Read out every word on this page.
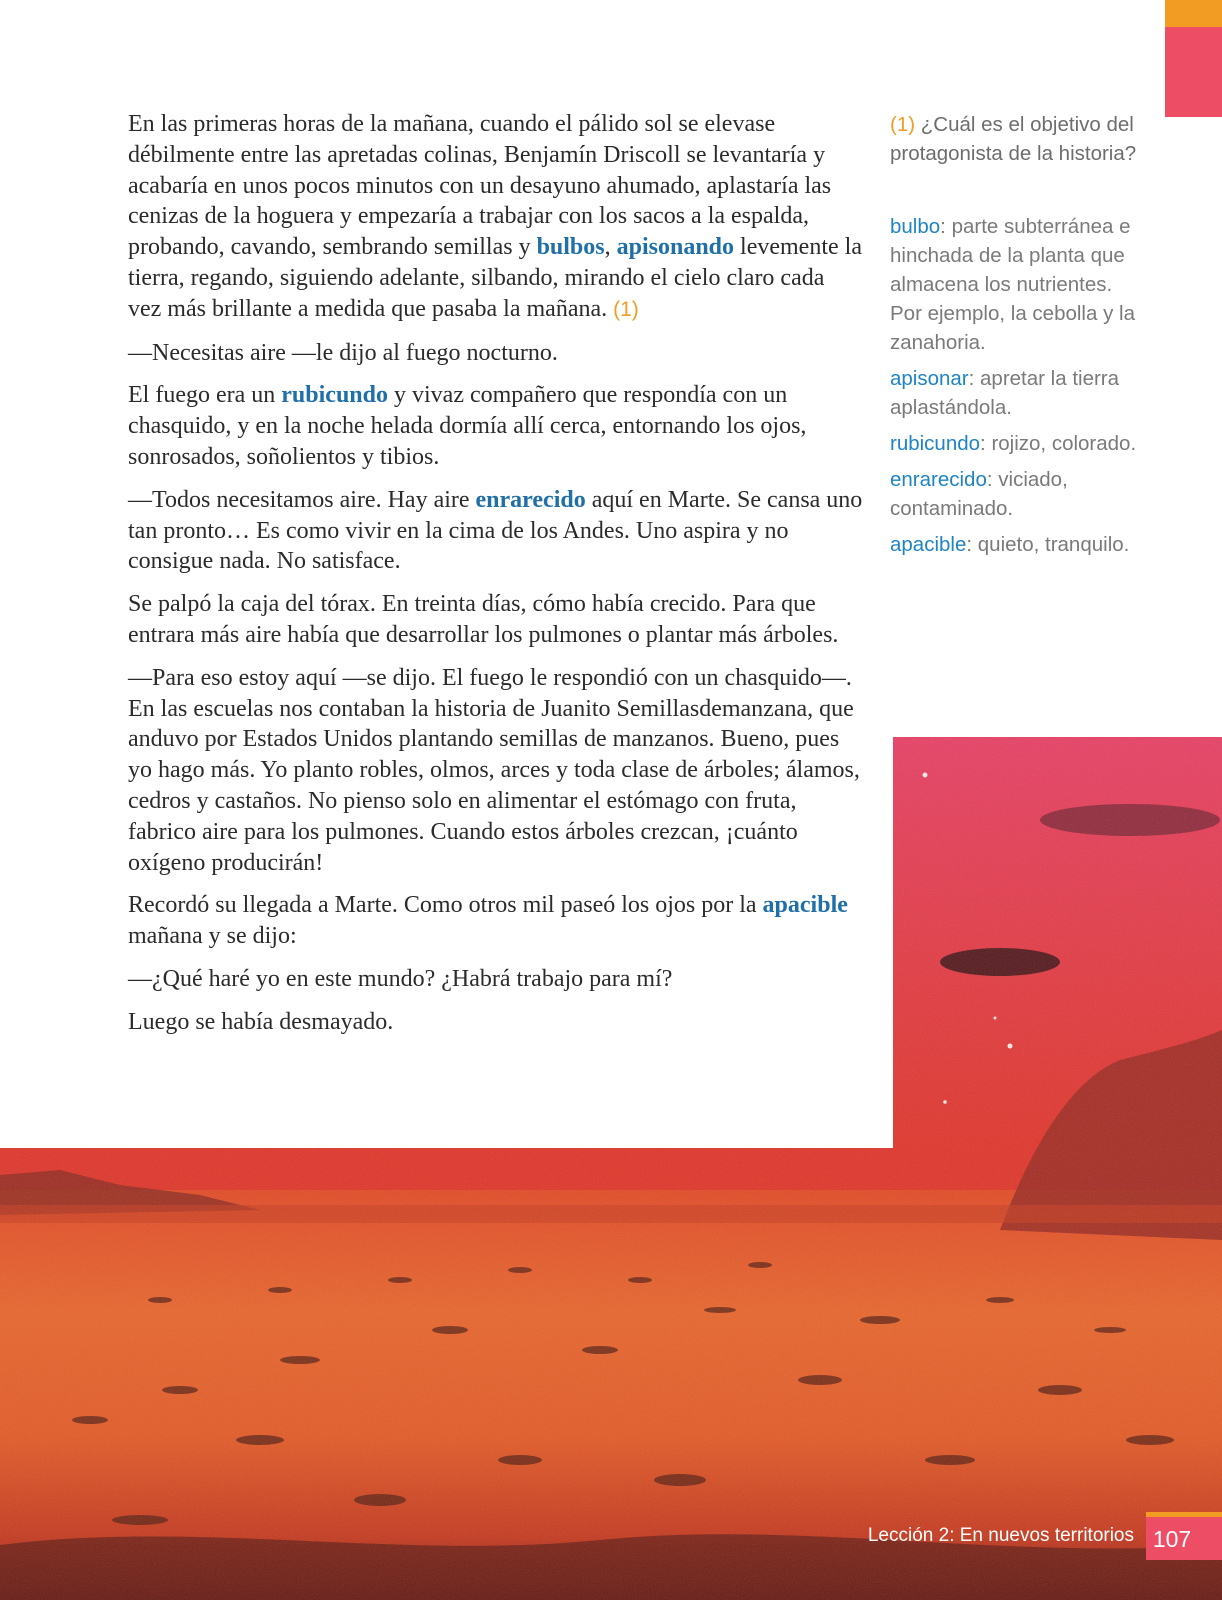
En las primeras horas de la mañana, cuando el pálido sol se elevase débilmente entre las apretadas colinas, Benjamín Driscoll se levantaría y acabaría en unos pocos minutos con un desayuno ahumado, aplastaría las cenizas de la hoguera y empezaría a trabajar con los sacos a la espalda, probando, cavando, sembrando semillas y bulbos, apisonando levemente la tierra, regando, siguiendo adelante, silbando, mirando el cielo claro cada vez más brillante a medida que pasaba la mañana. (1)

—Necesitas aire —le dijo al fuego nocturno.

El fuego era un rubicundo y vivaz compañero que respondía con un chasquido, y en la noche helada dormía allí cerca, entornando los ojos, sonrosados, soñolientos y tibios.

—Todos necesitamos aire. Hay aire enrarecido aquí en Marte. Se cansa uno tan pronto… Es como vivir en la cima de los Andes. Uno aspira y no consigue nada. No satisface.

Se palpó la caja del tórax. En treinta días, cómo había crecido. Para que entrara más aire había que desarrollar los pulmones o plantar más árboles.

—Para eso estoy aquí —se dijo. El fuego le respondió con un chasquido—. En las escuelas nos contaban la historia de Juanito Semillasdemanzana, que anduvo por Estados Unidos plantando semillas de manzanos. Bueno, pues yo hago más. Yo planto robles, olmos, arces y toda clase de árboles; álamos, cedros y castaños. No pienso solo en alimentar el estómago con fruta, fabrico aire para los pulmones. Cuando estos árboles crezcan, ¡cuánto oxígeno producirán!

Recordó su llegada a Marte. Como otros mil paseó los ojos por la apacible mañana y se dijo:

—¿Qué haré yo en este mundo? ¿Habrá trabajo para mí?

Luego se había desmayado.

(1) ¿Cuál es el objetivo del protagonista de la historia?

bulbo: parte subterránea e hinchada de la planta que almacena los nutrientes. Por ejemplo, la cebolla y la zanahoria.

apisonar: apretar la tierra aplastándola.

rubicundo: rojizo, colorado.

enrarecido: viciado, contaminado.

apacible: quieto, tranquilo.

Lección 2: En nuevos territorios 107
